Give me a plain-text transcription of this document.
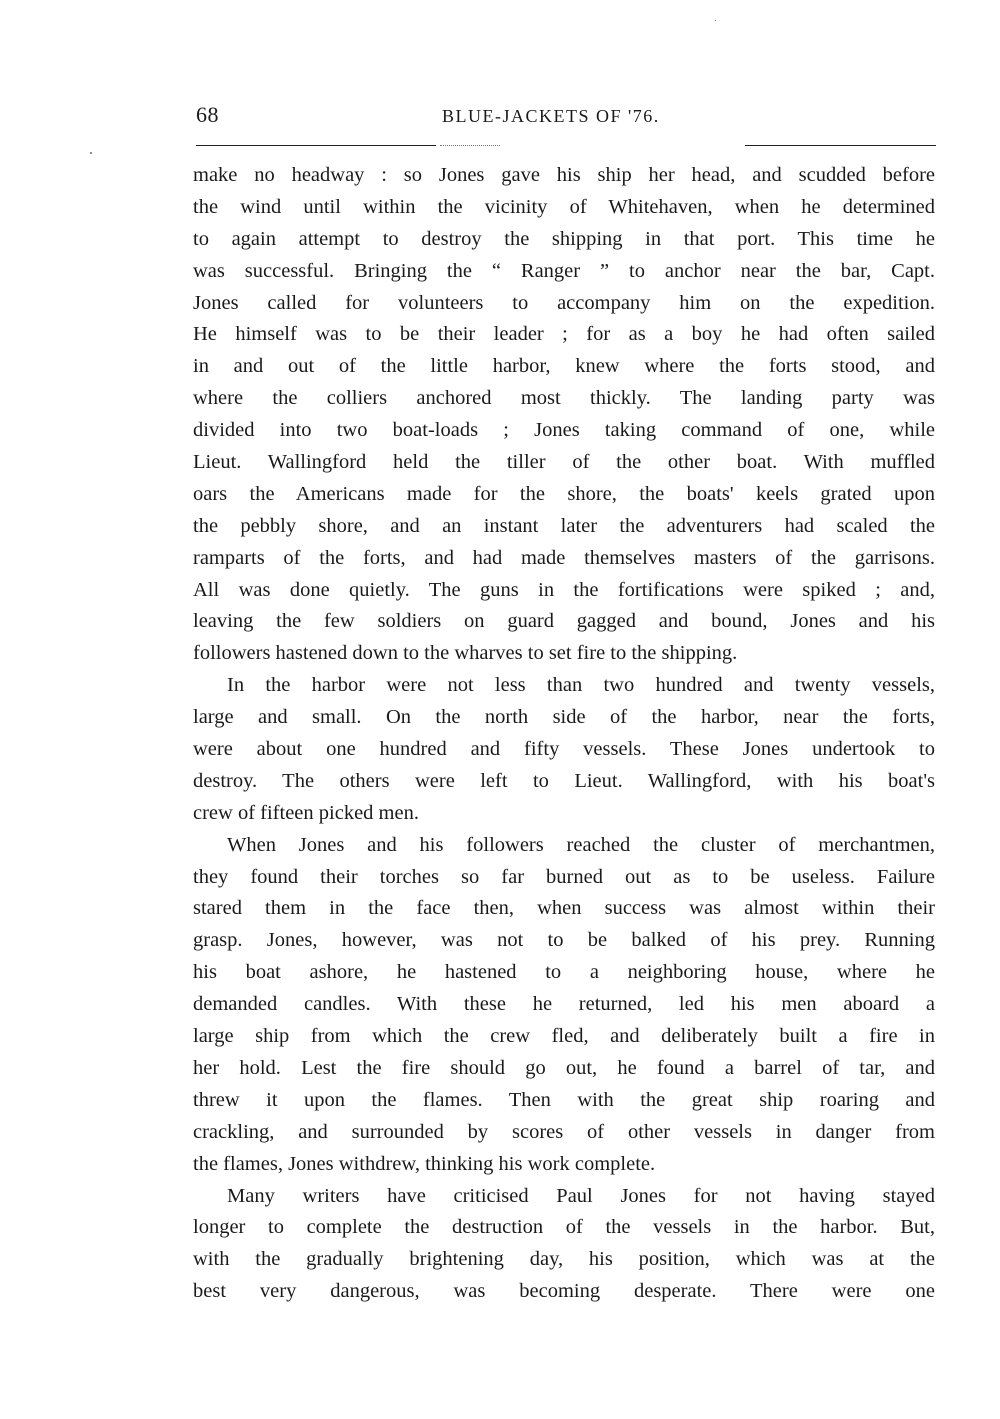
68	BLUE-JACKETS OF '76.
make no headway : so Jones gave his ship her head, and scudded before
the wind until within the vicinity of Whitehaven, when he determined
to again attempt to destroy the shipping in that port. This time he
was successful. Bringing the “ Ranger ” to anchor near the bar, Capt.
Jones called for volunteers to accompany him on the expedition.
He himself was to be their leader ; for as a boy he had often sailed
in and out of the little harbor, knew where the forts stood, and
where the colliers anchored most thickly. The landing party was
divided into two boat-loads ; Jones taking command of one, while
Lieut. Wallingford held the tiller of the other boat. With muffled
oars the Americans made for the shore, the boats' keels grated upon
the pebbly shore, and an instant later the adventurers had scaled the
ramparts of the forts, and had made themselves masters of the garrisons.
All was done quietly. The guns in the fortifications were spiked ; and,
leaving the few soldiers on guard gagged and bound, Jones and his
followers hastened down to the wharves to set fire to the shipping.
In the harbor were not less than two hundred and twenty vessels,
large and small. On the north side of the harbor, near the forts,
were about one hundred and fifty vessels. These Jones undertook to
destroy. The others were left to Lieut. Wallingford, with his boat's
crew of fifteen picked men.
When Jones and his followers reached the cluster of merchantmen,
they found their torches so far burned out as to be useless. Failure
stared them in the face then, when success was almost within their
grasp. Jones, however, was not to be balked of his prey. Running
his boat ashore, he hastened to a neighboring house, where he
demanded candles. With these he returned, led his men aboard a
large ship from which the crew fled, and deliberately built a fire in
her hold. Lest the fire should go out, he found a barrel of tar, and
threw it upon the flames. Then with the great ship roaring and
crackling, and surrounded by scores of other vessels in danger from
the flames, Jones withdrew, thinking his work complete.
Many writers have criticised Paul Jones for not having stayed
longer to complete the destruction of the vessels in the harbor. But,
with the gradually brightening day, his position, which was at the
best very dangerous, was becoming desperate. There were one
